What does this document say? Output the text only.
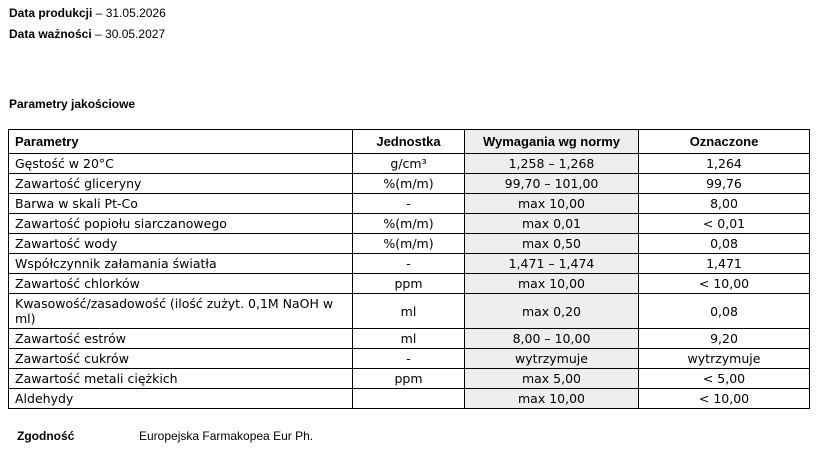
Data produkcji – 31.05.2026
Data ważności – 30.05.2027
Parametry jakościowe
Parametry	Jednostka	Wymagania wg normy	Oznaczone
Gęstość w 20°C	g/cm³	1,258 – 1,268	1,264
Zawartość gliceryny	%(m/m)	99,70 – 101,00	99,76
Barwa w skali Pt-Co	-	max 10,00	8,00
Zawartość popiołu siarczanowego	%(m/m)	max 0,01	< 0,01
Zawartość wody	%(m/m)	max 0,50	0,08
Współczynnik załamania światła	-	1,471 – 1,474	1,471
Zawartość chlorków	ppm	max 10,00	< 10,00
Kwasowość/zasadowość (ilość zużyt. 0,1M NaOH w ml)	ml	max 0,20	0,08
Zawartość estrów	ml	8,00 – 10,00	9,20
Zawartość cukrów	-	wytrzymuje	wytrzymuje
Zawartość metali ciężkich	ppm	max 5,00	< 5,00
Aldehydy		max 10,00	< 10,00
Zgodność	Europejska Farmakopea Eur Ph.
